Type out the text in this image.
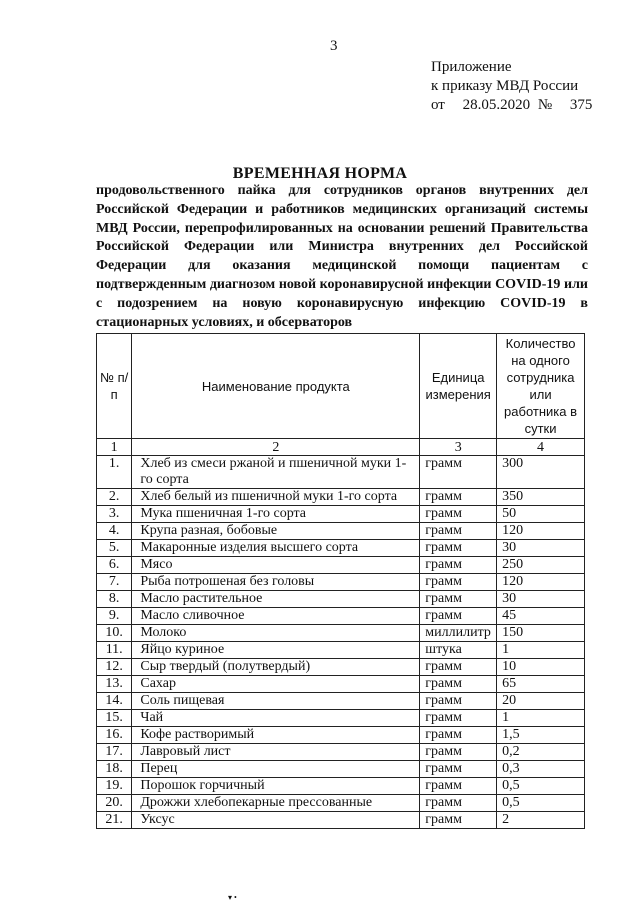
3
Приложение
к приказу МВД России
от 28.05.2020 № 375
ВРЕМЕННАЯ НОРМА
продовольственного пайка для сотрудников органов внутренних дел Российской Федерации и работников медицинских организаций системы МВД России, перепрофилированных на основании решений Правительства Российской Федерации или Министра внутренних дел Российской Федерации для оказания медицинской помощи пациентам с подтвержденным диагнозом новой коронавирусной инфекции COVID-19 или с подозрением на новую коронавирусную инфекцию COVID-19 в стационарных условиях, и обсерваторов
№ п/п	Наименование продукта	Единица измерения	Количество на одного сотрудника или работника в сутки
1	2	3	4
1.	Хлеб из смеси ржаной и пшеничной муки 1-го сорта	грамм	300
2.	Хлеб белый из пшеничной муки 1-го сорта	грамм	350
3.	Мука пшеничная 1-го сорта	грамм	50
4.	Крупа разная, бобовые	грамм	120
5.	Макаронные изделия высшего сорта	грамм	30
6.	Мясо	грамм	250
7.	Рыба потрошеная без головы	грамм	120
8.	Масло растительное	грамм	30
9.	Масло сливочное	грамм	45
10.	Молоко	миллилитр	150
11.	Яйцо куриное	штука	1
12.	Сыр твердый (полутвердый)	грамм	10
13.	Сахар	грамм	65
14.	Соль пищевая	грамм	20
15.	Чай	грамм	1
16.	Кофе растворимый	грамм	1,5
17.	Лавровый лист	грамм	0,2
18.	Перец	грамм	0,3
19.	Порошок горчичный	грамм	0,5
20.	Дрожжи хлебопекарные прессованные	грамм	0,5
21.	Уксус	грамм	2
▾ •
